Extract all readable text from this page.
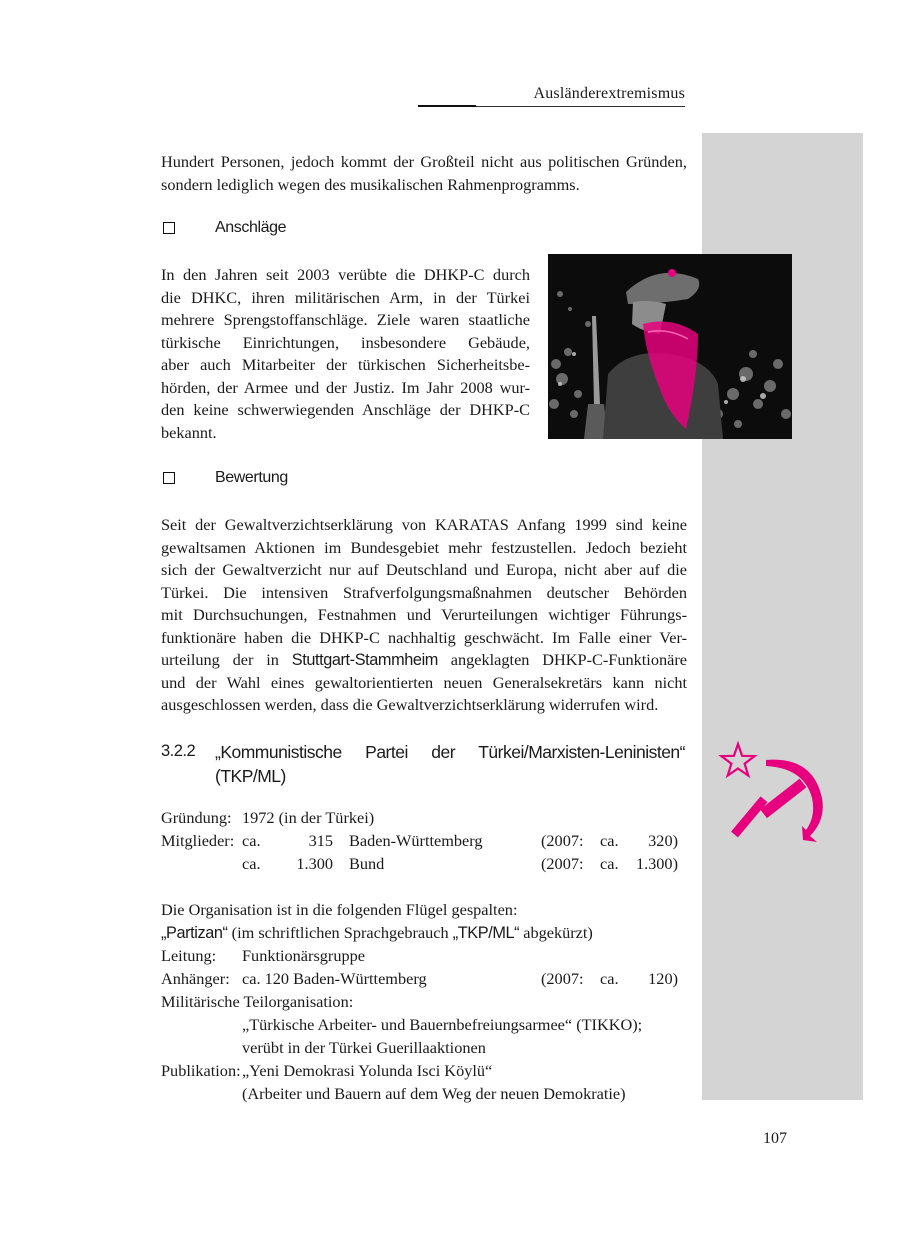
Ausländerextremismus
Hundert Personen, jedoch kommt der Großteil nicht aus politischen Gründen, sondern lediglich wegen des musikalischen Rahmenprogramms.
Anschläge
In den Jahren seit 2003 verübte die DHKP-C durch
die DHKC, ihren militärischen Arm, in der Türkei
mehrere Sprengstoffanschläge. Ziele waren staatliche
türkische Einrichtungen, insbesondere Gebäude,
aber auch Mitarbeiter der türkischen Sicherheitsbe-
hörden, der Armee und der Justiz. Im Jahr 2008 wur-
den keine schwerwiegenden Anschläge der DHKP-C
bekannt.
Bewertung
Seit der Gewaltverzichtserklärung von KARATAS Anfang 1999 sind keine
gewaltsamen Aktionen im Bundesgebiet mehr festzustellen. Jedoch bezieht
sich der Gewaltverzicht nur auf Deutschland und Europa, nicht aber auf die
Türkei. Die intensiven Strafverfolgungsmaßnahmen deutscher Behörden
mit Durchsuchungen, Festnahmen und Verurteilungen wichtiger Führungs-
funktionäre haben die DHKP-C nachhaltig geschwächt. Im Falle einer Ver-
urteilung der in Stuttgart-Stammheim angeklagten DHKP-C-Funktionäre
und der Wahl eines gewaltorientierten neuen Generalsekretärs kann nicht
ausgeschlossen werden, dass die Gewaltverzichtserklärung widerrufen wird.
3.2.2 „Kommunistische Partei der Türkei/Marxisten-Leninisten“
(TKP/ML)
Gründung: 1972 (in der Türkei)
Mitglieder: ca.	315 Baden-Württemberg	(2007: ca.	320)
ca.	1.300 Bund	(2007: ca.	1.300)
Die Organisation ist in die folgenden Flügel gespalten:
„Partizan“ (im schriftlichen Sprachgebrauch „TKP/ML“ abgekürzt)
Leitung: Funktionärsgruppe
Anhänger: ca. 120 Baden-Württemberg	(2007: ca.	120)
Militärische Teilorganisation:
„Türkische Arbeiter- und Bauernbefreiungsarmee“ (TIKKO);
verübt in der Türkei Guerillaaktionen
Publikation: „Yeni Demokrasi Yolunda Isci Köylü“
(Arbeiter und Bauern auf dem Weg der neuen Demokratie)
107
